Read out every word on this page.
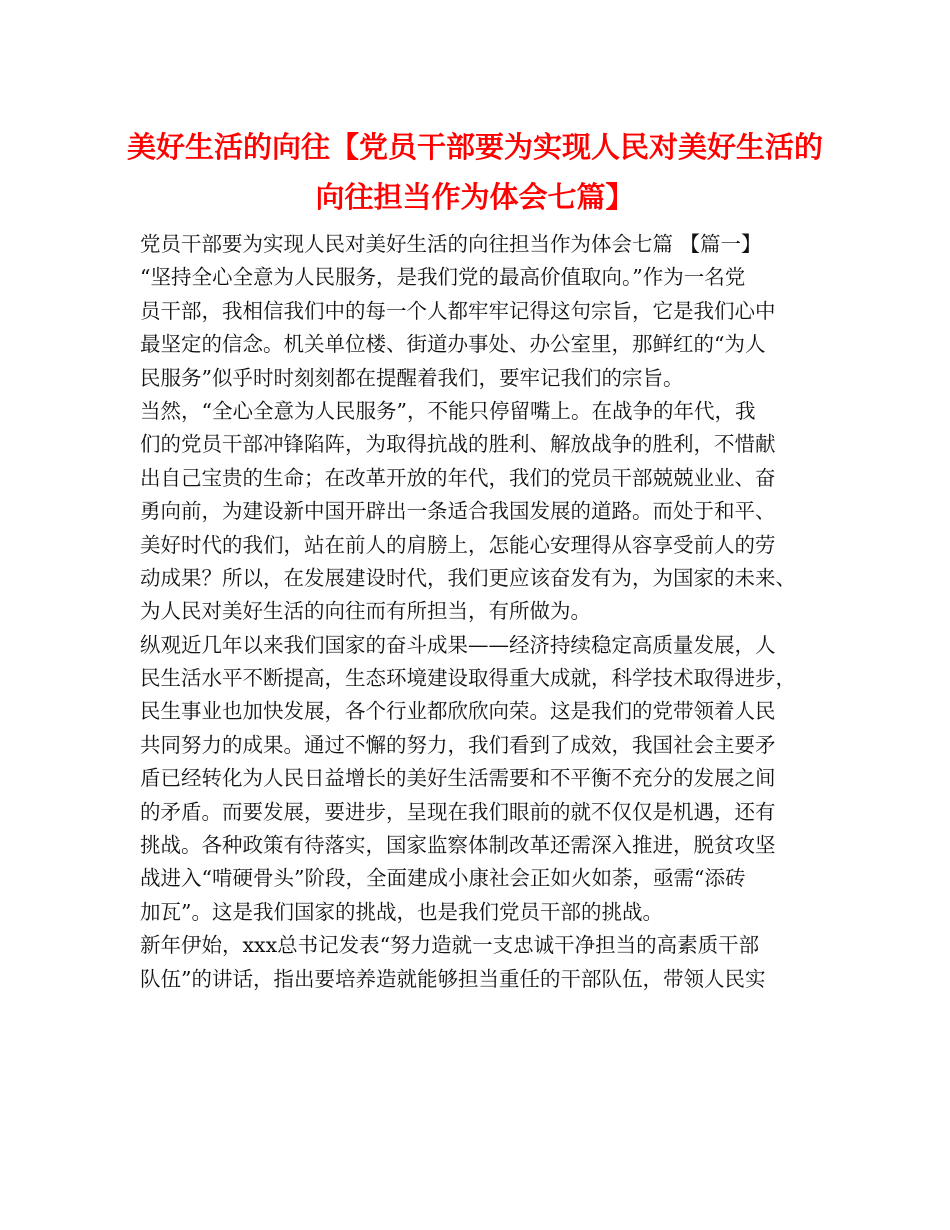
美好生活的向往【党员干部要为实现人民对美好生活的
向往担当作为体会七篇】
党员干部要为实现人民对美好生活的向往担当作为体会七篇 【篇一】
“坚持全心全意为人民服务，是我们党的最高价值取向。”作为一名党
员干部，我相信我们中的每一个人都牢牢记得这句宗旨，它是我们心中
最坚定的信念。机关单位楼、街道办事处、办公室里，那鲜红的“为人
民服务”似乎时时刻刻都在提醒着我们，要牢记我们的宗旨。
当然，“全心全意为人民服务”，不能只停留嘴上。在战争的年代，我
们的党员干部冲锋陷阵，为取得抗战的胜利、解放战争的胜利，不惜献
出自己宝贵的生命；在改革开放的年代，我们的党员干部兢兢业业、奋
勇向前，为建设新中国开辟出一条适合我国发展的道路。而处于和平、
美好时代的我们，站在前人的肩膀上，怎能心安理得从容享受前人的劳
动成果？所以，在发展建设时代，我们更应该奋发有为，为国家的未来、
为人民对美好生活的向往而有所担当，有所做为。
纵观近几年以来我们国家的奋斗成果——经济持续稳定高质量发展，人
民生活水平不断提高，生态环境建设取得重大成就，科学技术取得进步，
民生事业也加快发展，各个行业都欣欣向荣。这是我们的党带领着人民
共同努力的成果。通过不懈的努力，我们看到了成效，我国社会主要矛
盾已经转化为人民日益增长的美好生活需要和不平衡不充分的发展之间
的矛盾。而要发展，要进步，呈现在我们眼前的就不仅仅是机遇，还有
挑战。各种政策有待落实，国家监察体制改革还需深入推进，脱贫攻坚
战进入“啃硬骨头”阶段，全面建成小康社会正如火如荼，亟需“添砖
加瓦”。这是我们国家的挑战，也是我们党员干部的挑战。
新年伊始，xxx总书记发表“努力造就一支忠诚干净担当的高素质干部
队伍”的讲话，指出要培养造就能够担当重任的干部队伍，带领人民实
